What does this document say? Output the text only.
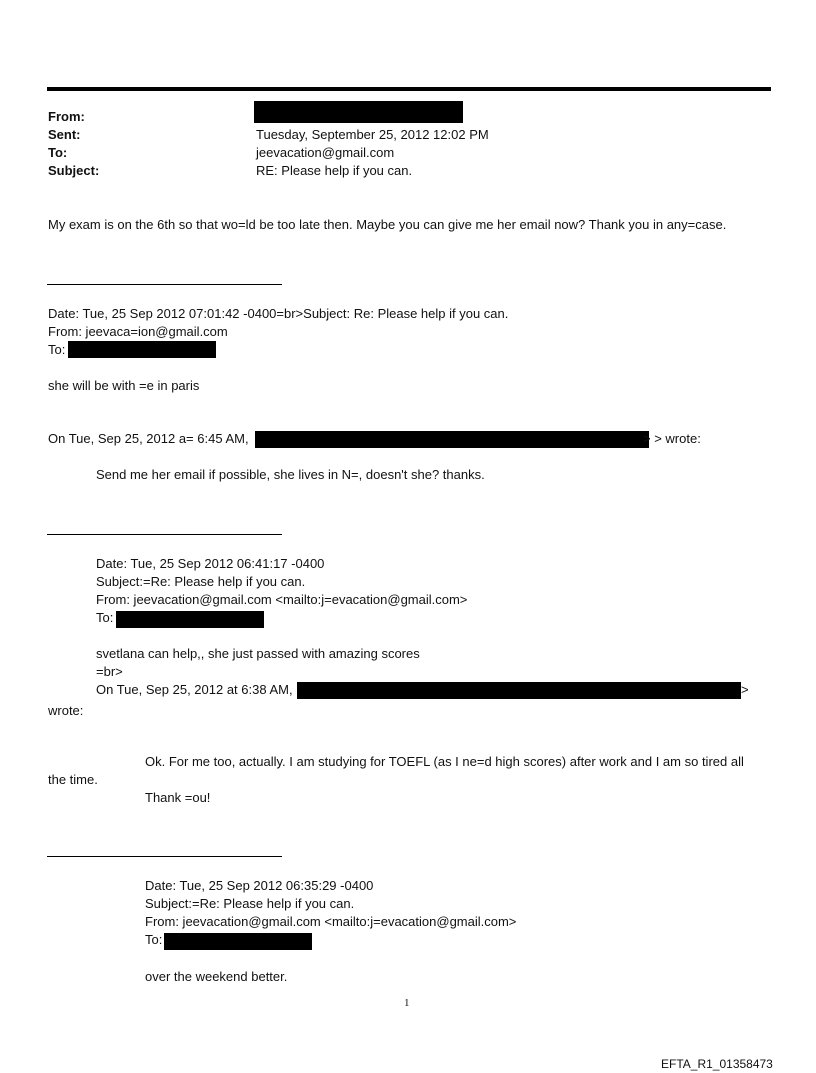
From:
Sent:	Tuesday, September 25, 2012 12:02 PM
To:	jeevacation@gmail.com
Subject:	RE: Please help if you can.
My exam is on the 6th so that wo=ld be too late then. Maybe you can give me her email now? Thank you in any=case.
Date: Tue, 25 Sep 2012 07:01:42 -0400=br>Subject: Re: Please help if you can.
From: jeevaca=ion@gmail.com
To:
she will be with =e in paris
On Tue, Sep 25, 2012 a= 6:45 AM,	> > wrote:
Send me her email if possible, she lives in N=, doesn't she? thanks.
Date: Tue, 25 Sep 2012 06:41:17 -0400
Subject:=Re: Please help if you can.
From: jeevacation@gmail.com <mailto:j=evacation@gmail.com>
To:
svetlana can help,, she just passed with amazing scores
=br>
On Tue, Sep 25, 2012 at 6:38 AM,	>
wrote:
Ok. For me too, actually. I am studying for TOEFL (as I ne=d high scores) after work and I am so tired all
the time.
Thank =ou!
Date: Tue, 25 Sep 2012 06:35:29 -0400
Subject:=Re: Please help if you can.
From: jeevacation@gmail.com <mailto:j=evacation@gmail.com>
To:
over the weekend better.
1
EFTA_R1_01358473
